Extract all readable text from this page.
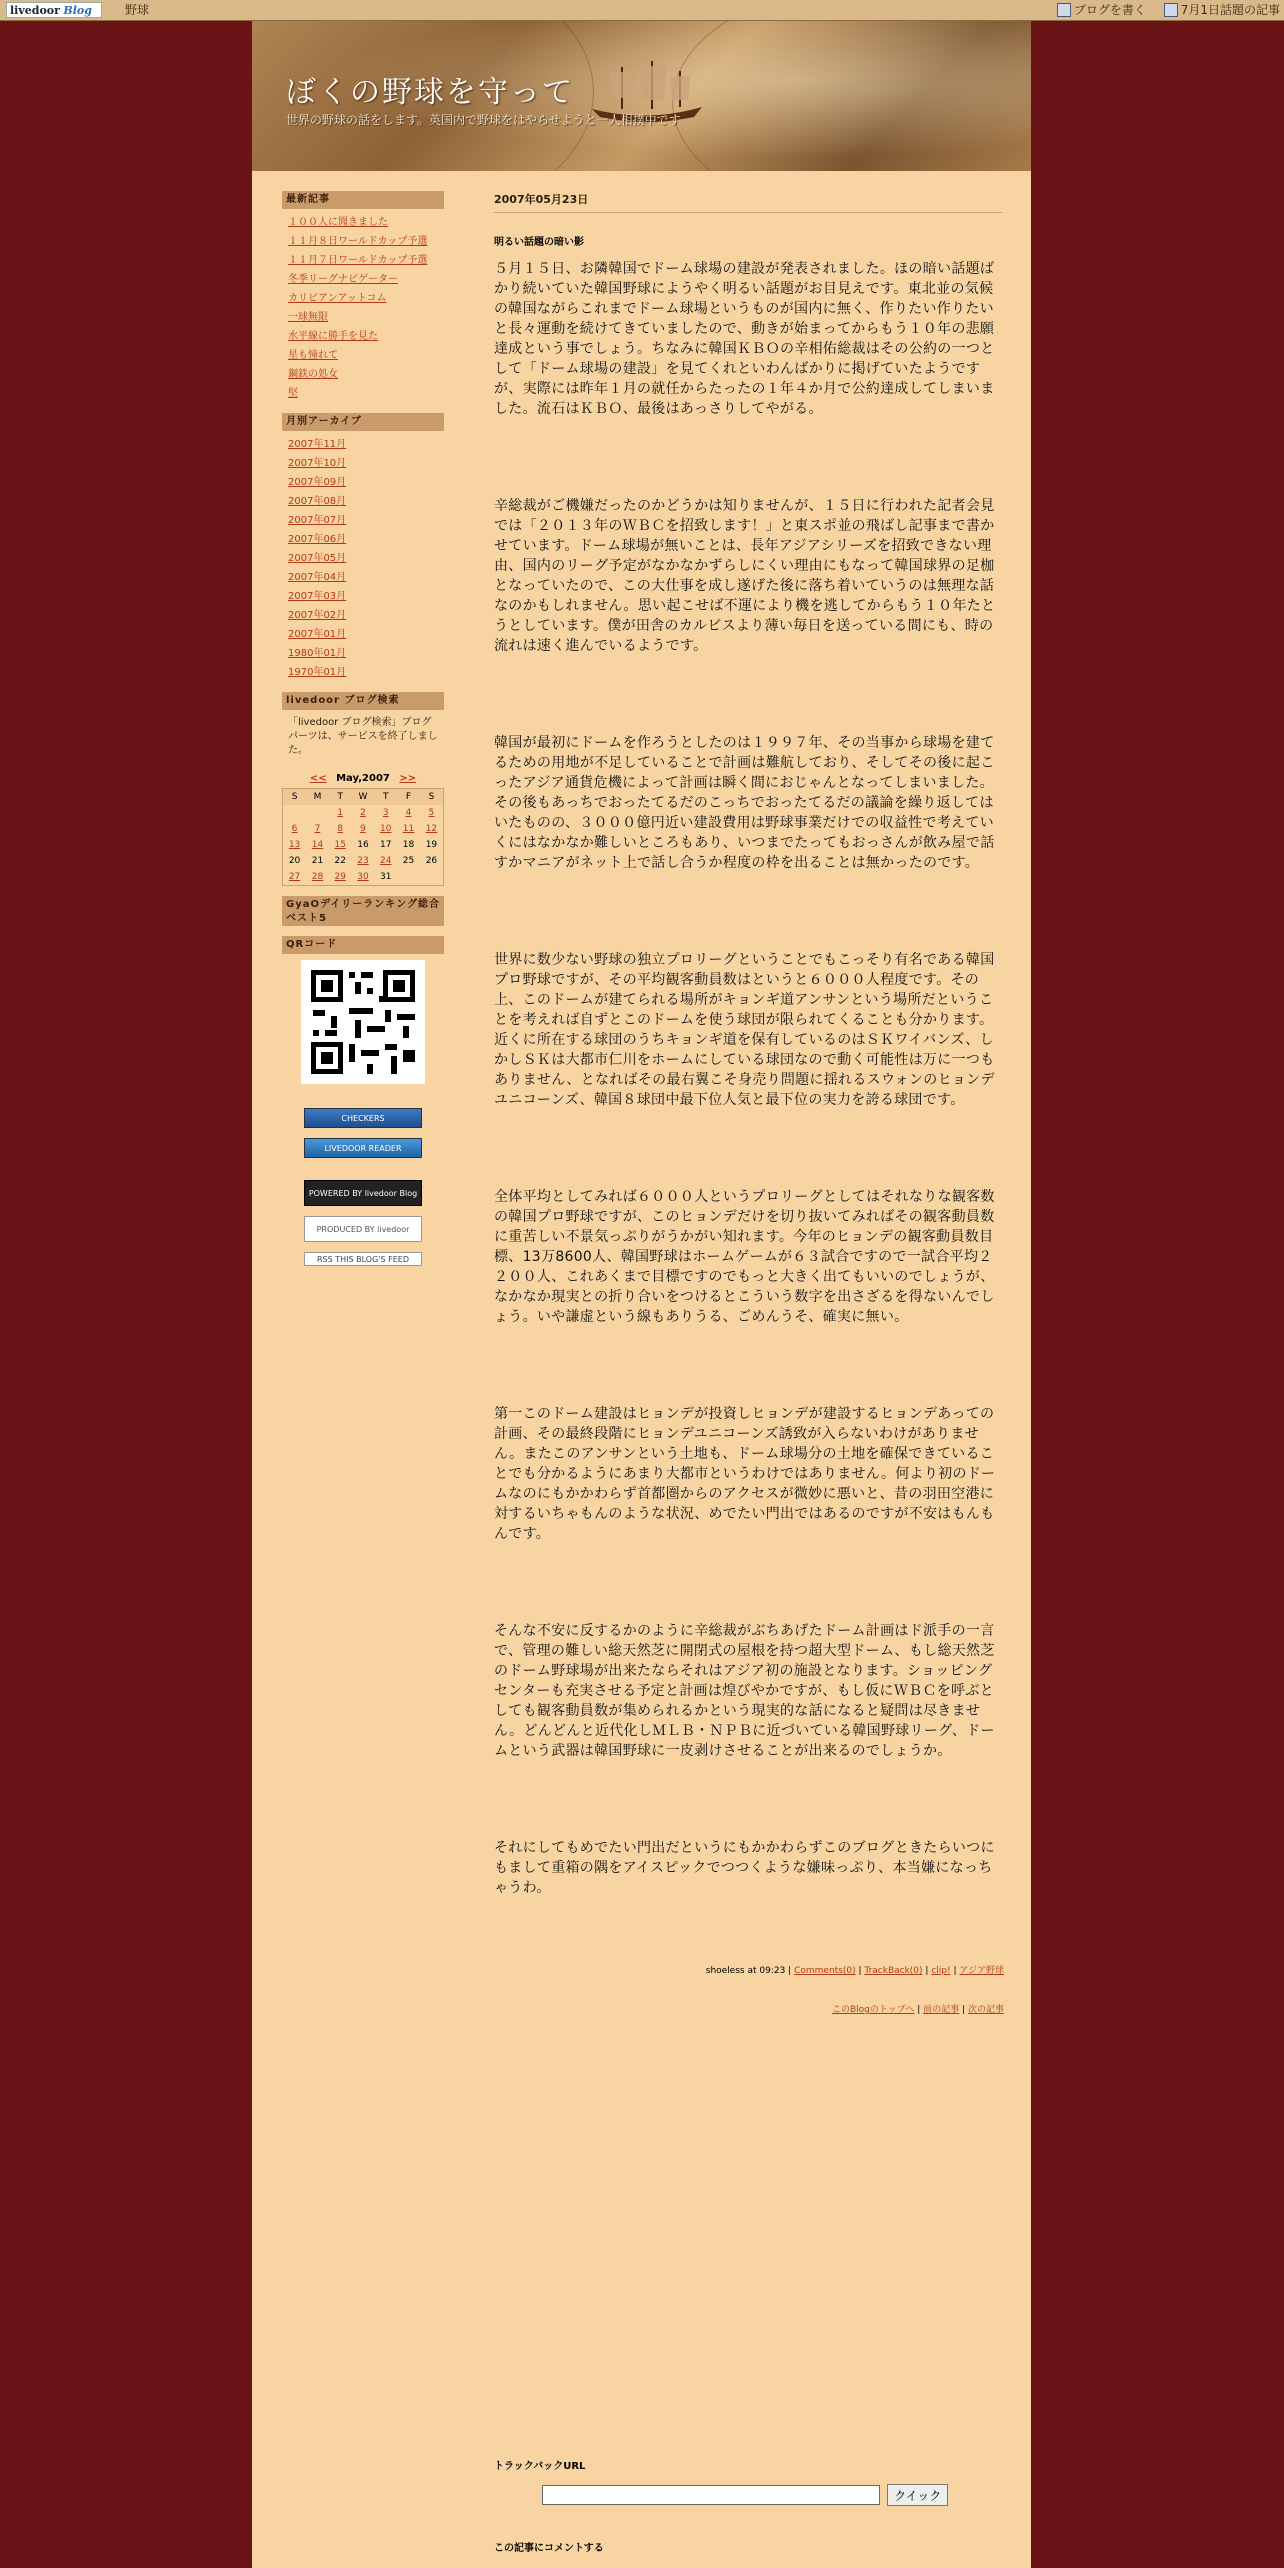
livedoor Blog	野球	ブログを書く	7月1日話題の記事
ぼくの野球を守って
世界の野球の話をします。英国内で野球をはやらせようと一人相撲中です
最新記事
１００人に聞きました
１１月８日ワールドカップ予選
１１月７日ワールドカップ予選
冬季リーグナビゲーター
カリビアンアットコム
一球無限
水平線に勝手を見た
星も憧れて
鋼鉄の処女
堅
月別アーカイブ
2007年11月
2007年10月
2007年09月
2007年08月
2007年07月
2007年06月
2007年05月
2007年04月
2007年03月
2007年02月
2007年01月
1980年01月
1970年01月
livedoor ブログ検索
「livedoor ブログ検索」ブログパーツは、サービスを終了しました。
<< May,2007 >>
S	M	T	W	T	F	S
		1	2	3	4	5
6	7	8	9	10	11	12
13	14	15	16	17	18	19
20	21	22	23	24	25	26
27	28	29	30	31		
GyaOデイリーランキング総合ベスト5
QRコード
CHECKERS
LIVEDOOR READER
POWERED BY livedoor Blog
PRODUCED BY livedoor
RSS THIS BLOG'S FEED
2007年05月23日
明るい話題の暗い影

５月１５日、お隣韓国でドーム球場の建設が発表されました。ほの暗い話題ばかり続いていた韓国野球にようやく明るい話題がお目見えです。東北並の気候の韓国ながらこれまでドーム球場というものが国内に無く、作りたい作りたいと長々運動を続けてきていましたので、動きが始まってからもう１０年の悲願達成という事でしょう。ちなみに韓国ＫＢＯの辛相佑総裁はその公約の一つとして「ドーム球場の建設」を見てくれといわんばかりに掲げていたようですが、実際には昨年１月の就任からたったの１年４か月で公約達成してしまいました。流石はＫＢＯ、最後はあっさりしてやがる。

辛総裁がご機嫌だったのかどうかは知りませんが、１５日に行われた記者会見では「２０１３年のＷＢＣを招致します！」と東スポ並の飛ばし記事まで書かせています。ドーム球場が無いことは、長年アジアシリーズを招致できない理由、国内のリーグ予定がなかなかずらしにくい理由にもなって韓国球界の足枷となっていたので、この大仕事を成し遂げた後に落ち着いていうのは無理な話なのかもしれません。思い起こせば不運により機を逃してからもう１０年たとうとしています。僕が田舎のカルビスより薄い毎日を送っている間にも、時の流れは速く進んでいるようです。

韓国が最初にドームを作ろうとしたのは１９９７年、その当事から球場を建てるための用地が不足していることで計画は難航しており、そしてその後に起こったアジア通貨危機によって計画は瞬く間におじゃんとなってしまいました。その後もあっちでおったてるだのこっちでおったてるだの議論を繰り返してはいたものの、３０００億円近い建設費用は野球事業だけでの収益性で考えていくにはなかなか難しいところもあり、いつまでたってもおっさんが飲み屋で話すかマニアがネット上で話し合うか程度の枠を出ることは無かったのです。

世界に数少ない野球の独立プロリーグということでもこっそり有名である韓国プロ野球ですが、その平均観客動員数はというと６０００人程度です。その上、このドームが建てられる場所がキョンギ道アンサンという場所だということを考えれば自ずとこのドームを使う球団が限られてくることも分かります。近くに所在する球団のうちキョンギ道を保有しているのはＳＫワイバンズ、しかしＳＫは大都市仁川をホームにしている球団なので動く可能性は万に一つもありません、となればその最右翼こそ身売り問題に揺れるスウォンのヒョンデユニコーンズ、韓国８球団中最下位人気と最下位の実力を誇る球団です。

全体平均としてみれば６０００人というプロリーグとしてはそれなりな観客数の韓国プロ野球ですが、このヒョンデだけを切り抜いてみればその観客動員数に重苦しい不景気っぷりがうかがい知れます。今年のヒョンデの観客動員数目標、13万8600人、韓国野球はホームゲームが６３試合ですので一試合平均２２００人、これあくまで目標ですのでもっと大きく出てもいいのでしょうが、なかなか現実との折り合いをつけるとこういう数字を出さざるを得ないんでしょう。いや謙虚という線もありうる、ごめんうそ、確実に無い。

第一このドーム建設はヒョンデが投資しヒョンデが建設するヒョンデあっての計画、その最終段階にヒョンデユニコーンズ誘致が入らないわけがありません。またこのアンサンという土地も、ドーム球場分の土地を確保できていることでも分かるようにあまり大都市というわけではありません。何より初のドームなのにもかかわらず首都圏からのアクセスが微妙に悪いと、昔の羽田空港に対するいちゃもんのような状況、めでたい門出ではあるのですが不安はもんもんです。

そんな不安に反するかのように辛総裁がぶちあげたドーム計画はド派手の一言で、管理の難しい総天然芝に開閉式の屋根を持つ超大型ドーム、もし総天然芝のドーム野球場が出来たならそれはアジア初の施設となります。ショッピングセンターも充実させる予定と計画は煌びやかですが、もし仮にＷＢＣを呼ぶとしても観客動員数が集められるかという現実的な話になると疑問は尽きません。どんどんと近代化しＭＬＢ・ＮＰＢに近づいている韓国野球リーグ、ドームという武器は韓国野球に一皮剥けさせることが出来るのでしょうか。

それにしてもめでたい門出だというにもかかわらずこのブログときたらいつにもまして重箱の隅をアイスピックでつつくような嫌味っぷり、本当嫌になっちゃうわ。

shoeless at 09:23 | Comments(0) | TrackBack(0) | clip! | アジア野球
このBlogのトップへ | 前の記事 | 次の記事
トラックバックURL
クイック
この記事にコメントする
